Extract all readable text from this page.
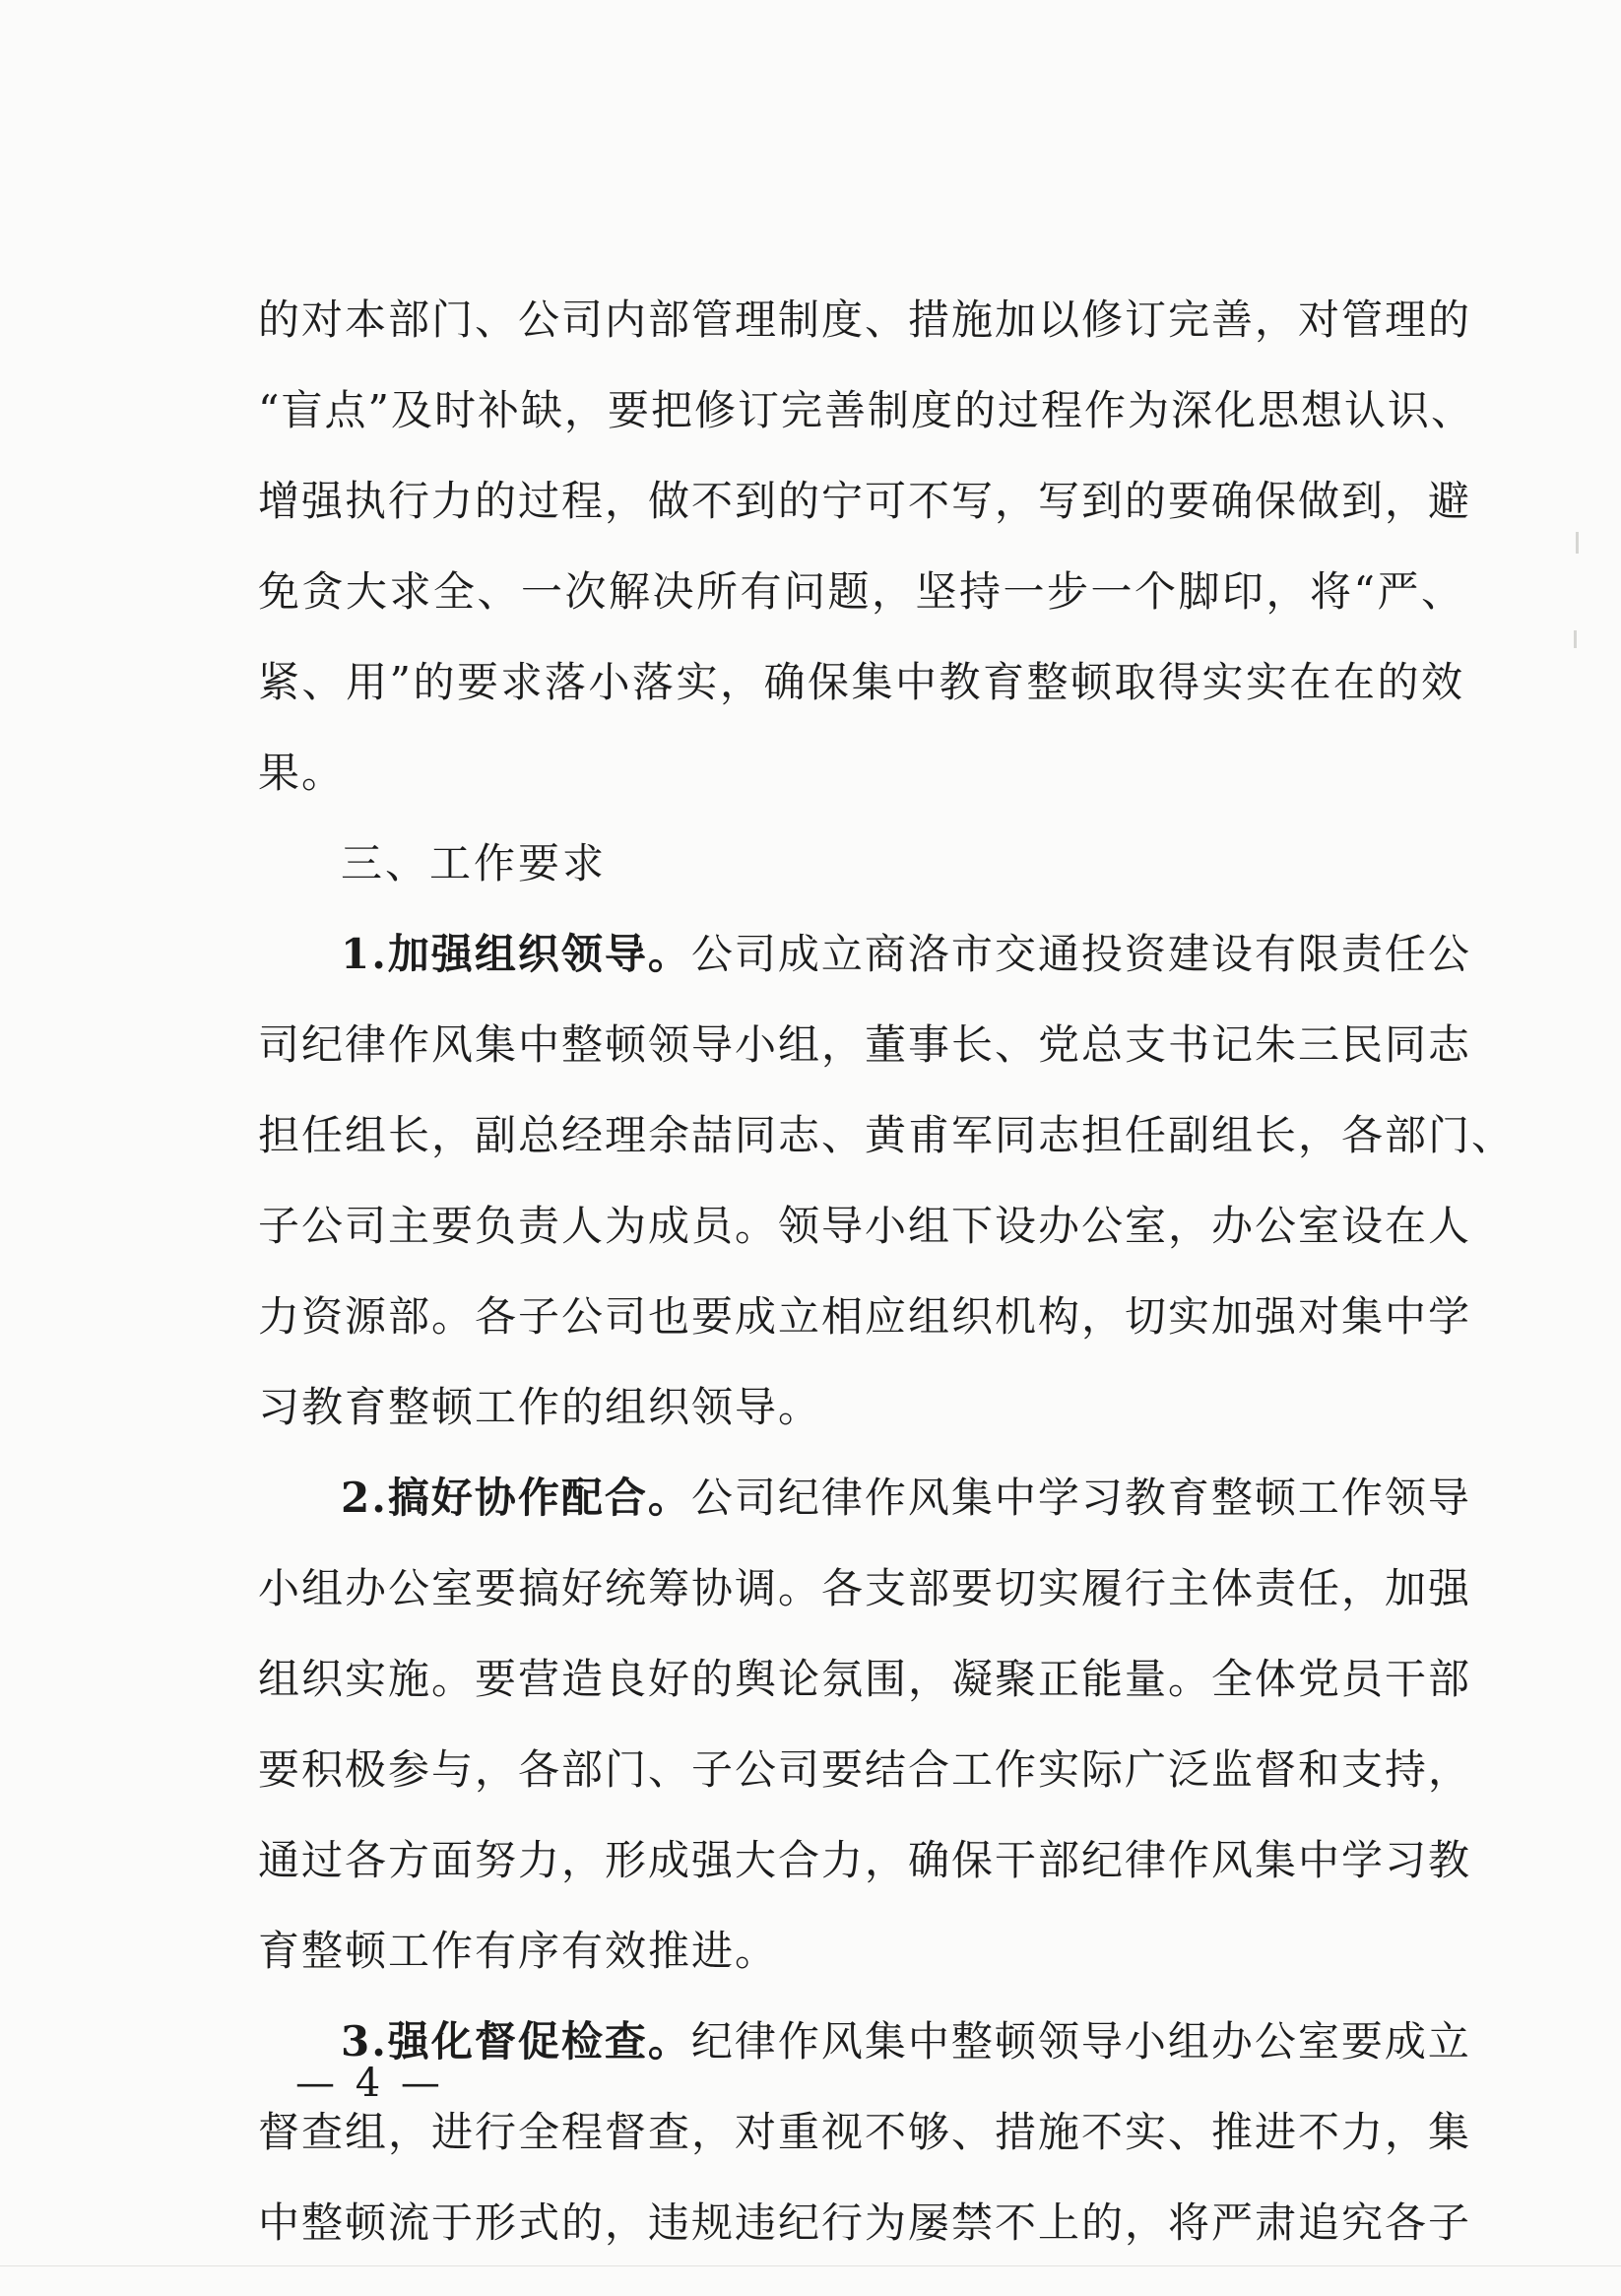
的对本部门、公司内部管理制度、措施加以修订完善，对管理的
“盲点”及时补缺，要把修订完善制度的过程作为深化思想认识、
增强执行力的过程，做不到的宁可不写，写到的要确保做到，避
免贪大求全、一次解决所有问题，坚持一步一个脚印，将“严、
紧、用”的要求落小落实，确保集中教育整顿取得实实在在的效
果。
三、工作要求
1.加强组织领导。公司成立商洛市交通投资建设有限责任公
司纪律作风集中整顿领导小组，董事长、党总支书记朱三民同志
担任组长，副总经理余喆同志、黄甫军同志担任副组长，各部门、
子公司主要负责人为成员。领导小组下设办公室，办公室设在人
力资源部。各子公司也要成立相应组织机构，切实加强对集中学
习教育整顿工作的组织领导。
2.搞好协作配合。公司纪律作风集中学习教育整顿工作领导
小组办公室要搞好统筹协调。各支部要切实履行主体责任，加强
组织实施。要营造良好的舆论氛围，凝聚正能量。全体党员干部
要积极参与，各部门、子公司要结合工作实际广泛监督和支持，
通过各方面努力，形成强大合力，确保干部纪律作风集中学习教
育整顿工作有序有效推进。
3.强化督促检查。纪律作风集中整顿领导小组办公室要成立
督查组，进行全程督查，对重视不够、措施不实、推进不力，集
中整顿流于形式的，违规违纪行为屡禁不上的，将严肃追究各子
— 4 —
